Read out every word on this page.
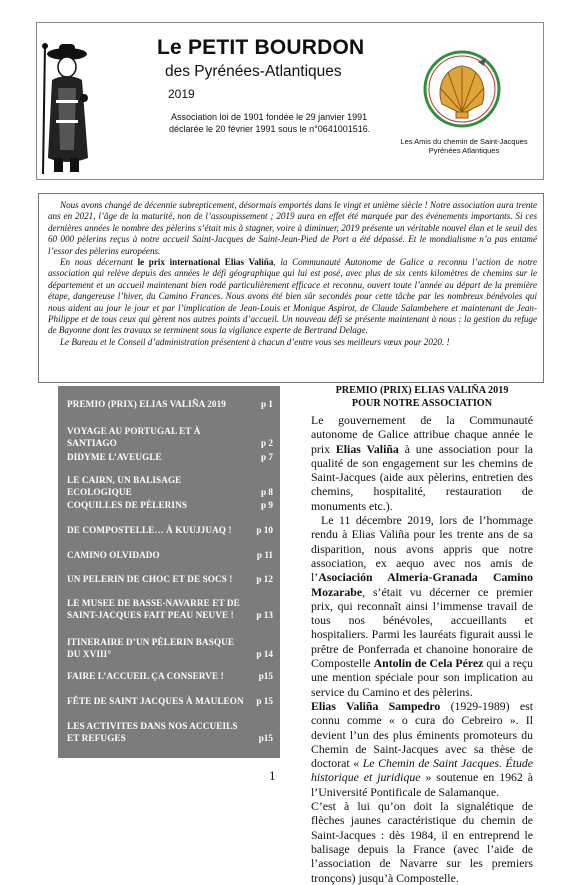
Le PETIT BOURDON
des Pyrénées-Atlantiques
2019
Association loi de 1901 fondée le 29 janvier 1991
déclarée le 20 février 1991 sous le n°0641001516.
Les Amis du chemin de Saint-Jacques
Pyrénées Atlantiques

Nous avons changé de décennie subrepticement, désormais emportés dans le vingt et unième siècle ! Notre association aura trente ans en 2021, l’âge de la maturité, non de l’assoupissement ; 2019 aura en effet été marquée par des événements importants. Si ces dernières années le nombre des pèlerins s’était mis à stagner, voire à diminuer, 2019 présente un véritable nouvel élan et le seuil des 60 000 pèlerins reçus à notre accueil Saint-Jacques de Saint-Jean-Pied de Port a été dépassé. Et le mondialisme n’a pas entamé l’essor des pèlerins européens.

En nous décernant le prix international Elias Valiña, la Communauté Autonome de Galice a reconnu l’action de notre association qui relève depuis des années le défi géographique qui lui est posé, avec plus de six cents kilomètres de chemins sur le département et un accueil maintenant bien rodé particulièrement efficace et reconnu, ouvert toute l’année au départ de la première étape, dangereuse l’hiver, du Camino Frances. Nous avons été bien sûr secondés pour cette tâche par les nombreux bénévoles qui nous aident au jour le jour et par l’implication de Jean-Louis et Monique Aspirot, de Claude Salambehere et maintenant de Jean-Philippe et de tous ceux qui gèrent nos autres points d’accueil. Un nouveau défi se présente maintenant à nous : la gestion du refuge de Bayonne dont les travaux se terminent sous la vigilance experte de Bertrand Delage.

Le Bureau et le Conseil d’administration présentent à chacun d’entre vous ses meilleurs vœux pour 2020. !

PREMIO (PRIX) ELIAS VALIÑA 2019	p 1
VOYAGE AU PORTUGAL ET À SANTIAGO	p 2
DIDYME L’AVEUGLE	p 7
LE CAIRN, UN BALISAGE ECOLOGIQUE	p 8
COQUILLES DE PÈLERINS	p 9
DE COMPOSTELLE… À KUUJJUAQ !	p 10
CAMINO OLVIDADO	p 11
UN PELERIN DE CHOC ET DE SOCS !	p 12
LE MUSEE DE BASSE-NAVARRE ET DE SAINT-JACQUES FAIT PEAU NEUVE ! p 13
ITINERAIRE D’UN PÈLERIN BASQUE DU XVIII°	p 14
FAIRE L’ACCUEIL ÇA CONSERVE !	p15
FÊTE DE SAINT JACQUES À MAULEON p 15
LES ACTIVITES DANS NOS ACCUEILS ET REFUGES	p15
PREMIO (PRIX) ELIAS VALIÑA 2019
POUR NOTRE ASSOCIATION

Le gouvernement de la Communauté autonome de Galice attribue chaque année le prix Elias Valiña à une association pour la qualité de son engagement sur les chemins de Saint-Jacques (aide aux pèlerins, entretien des chemins, hospitalité, restauration de monuments etc.).

Le 11 décembre 2019, lors de l’hommage rendu à Elias Valiña pour les trente ans de sa disparition, nous avons appris que notre association, ex aequo avec nos amis de l’Asociación Almeria-Granada Camino Mozarabe, s’était vu décerner ce premier prix, qui reconnaît ainsi l’immense travail de tous nos bénévoles, accueillants et hospitaliers. Parmi les lauréats figurait aussi le prêtre de Ponferrada et chanoine honoraire de Compostelle Antolin de Cela Pérez qui a reçu une mention spéciale pour son implication au service du Camino et des pèlerins.

Elias Valiña Sampedro (1929-1989) est connu comme « o cura do Cebreiro ». Il devient l’un des plus éminents promoteurs du Chemin de Saint-Jacques avec sa thèse de doctorat « Le Chemin de Saint Jacques. Étude historique et juridique » soutenue en 1962 à l’Université Pontificale de Salamanque.

C’est à lui qu’on doit la signalétique de flèches jaunes caractéristique du chemin de Saint-Jacques : dès 1984, il en entreprend le balisage depuis la France (avec l’aide de l’association de Navarre sur les premiers tronçons) jusqu’à Compostelle.

1
